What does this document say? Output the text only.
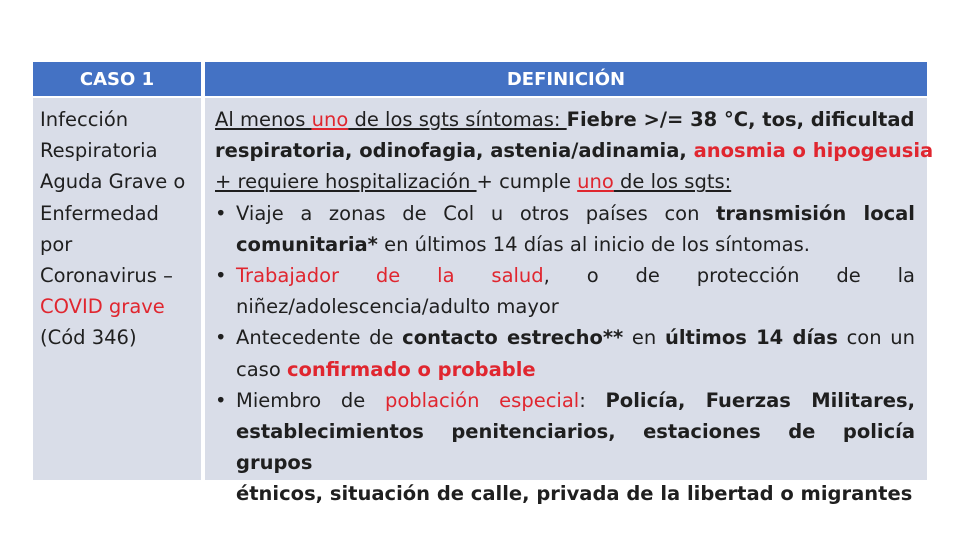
CASO 1	DEFINICIÓN
Infección
Respiratoria
Aguda Grave o
Enfermedad
por
Coronavirus –
COVID grave
(Cód 346)
Al menos uno de los sgts síntomas: Fiebre >/= 38 °C, tos, dificultad
respiratoria, odinofagia, astenia/adinamia, anosmia o hipogeusia
+ requiere hospitalización + cumple uno de los sgts:
• Viaje a zonas de Col u otros países con transmisión local
comunitaria* en últimos 14 días al inicio de los síntomas.
• Trabajador de la salud, o de protección de la
niñez/adolescencia/adulto mayor
• Antecedente de contacto estrecho** en últimos 14 días con un
caso confirmado o probable
• Miembro de población especial: Policía, Fuerzas Militares,
establecimientos penitenciarios, estaciones de policía grupos
étnicos, situación de calle, privada de la libertad o migrantes
